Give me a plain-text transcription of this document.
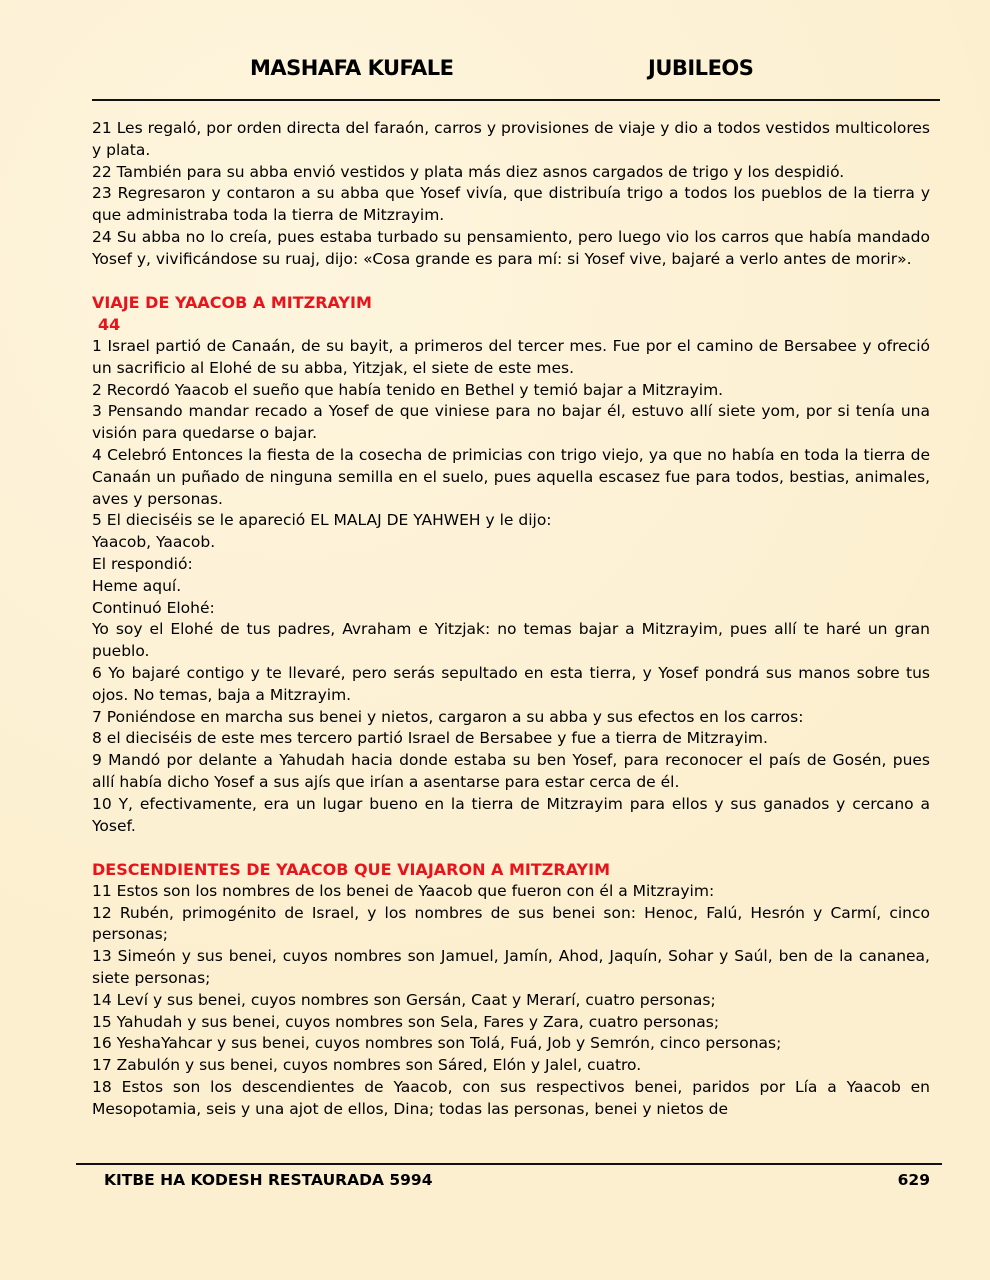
MASHAFA KUFALE	JUBILEOS

21 Les regaló, por orden directa del faraón, carros y provisiones de viaje y dio a todos vestidos multicolores y plata.

22 También para su abba envió vestidos y plata más diez asnos cargados de trigo y los despidió.

23 Regresaron y contaron a su abba que Yosef vivía, que distribuía trigo a todos los pueblos de la tierra y que administraba toda la tierra de Mitzrayim.

24 Su abba no lo creía, pues estaba turbado su pensamiento, pero luego vio los carros que había mandado Yosef y, vivificándose su ruaj, dijo: «Cosa grande es para mí: si Yosef vive, bajaré a verlo antes de morir».

VIAJE DE YAACOB A MITZRAYIM

44

1 Israel partió de Canaán, de su bayit, a primeros del tercer mes. Fue por el camino de Bersabee y ofreció un sacrificio al Elohé de su abba, Yitzjak, el siete de este mes.

2 Recordó Yaacob el sueño que había tenido en Bethel y temió bajar a Mitzrayim.

3 Pensando mandar recado a Yosef de que viniese para no bajar él, estuvo allí siete yom, por si tenía una visión para quedarse o bajar.

4 Celebró Entonces la fiesta de la cosecha de primicias con trigo viejo, ya que no había en toda la tierra de Canaán un puñado de ninguna semilla en el suelo, pues aquella escasez fue para todos, bestias, animales, aves y personas.

5 El dieciséis se le apareció EL MALAJ DE YAHWEH y le dijo:

Yaacob, Yaacob.

El respondió:

Heme aquí.

Continuó Elohé:

Yo soy el Elohé de tus padres, Avraham e Yitzjak: no temas bajar a Mitzrayim, pues allí te haré un gran pueblo.

6 Yo bajaré contigo y te llevaré, pero serás sepultado en esta tierra, y Yosef pondrá sus manos sobre tus ojos. No temas, baja a Mitzrayim.

7 Poniéndose en marcha sus benei y nietos, cargaron a su abba y sus efectos en los carros:

8 el dieciséis de este mes tercero partió Israel de Bersabee y fue a tierra de Mitzrayim.

9 Mandó por delante a Yahudah hacia donde estaba su ben Yosef, para reconocer el país de Gosén, pues allí había dicho Yosef a sus ajís que irían a asentarse para estar cerca de él.

10 Y, efectivamente, era un lugar bueno en la tierra de Mitzrayim para ellos y sus ganados y cercano a Yosef.

DESCENDIENTES DE YAACOB QUE VIAJARON A MITZRAYIM

11 Estos son los nombres de los benei de Yaacob que fueron con él a Mitzrayim:

12 Rubén, primogénito de Israel, y los nombres de sus benei son: Henoc, Falú, Hesrón y Carmí, cinco personas;

13 Simeón y sus benei, cuyos nombres son Jamuel, Jamín, Ahod, Jaquín, Sohar y Saúl, ben de la cananea, siete personas;

14 Leví y sus benei, cuyos nombres son Gersán, Caat y Merarí, cuatro personas;

15 Yahudah y sus benei, cuyos nombres son Sela, Fares y Zara, cuatro personas;

16 YeshaYahcar y sus benei, cuyos nombres son Tolá, Fuá, Job y Semrón, cinco personas;

17 Zabulón y sus benei, cuyos nombres son Sáred, Elón y Jalel, cuatro.

18 Estos son los descendientes de Yaacob, con sus respectivos benei, paridos por Lía a Yaacob en Mesopotamia, seis y una ajot de ellos, Dina; todas las personas, benei y nietos de

KITBE HA KODESH RESTAURADA 5994	629
